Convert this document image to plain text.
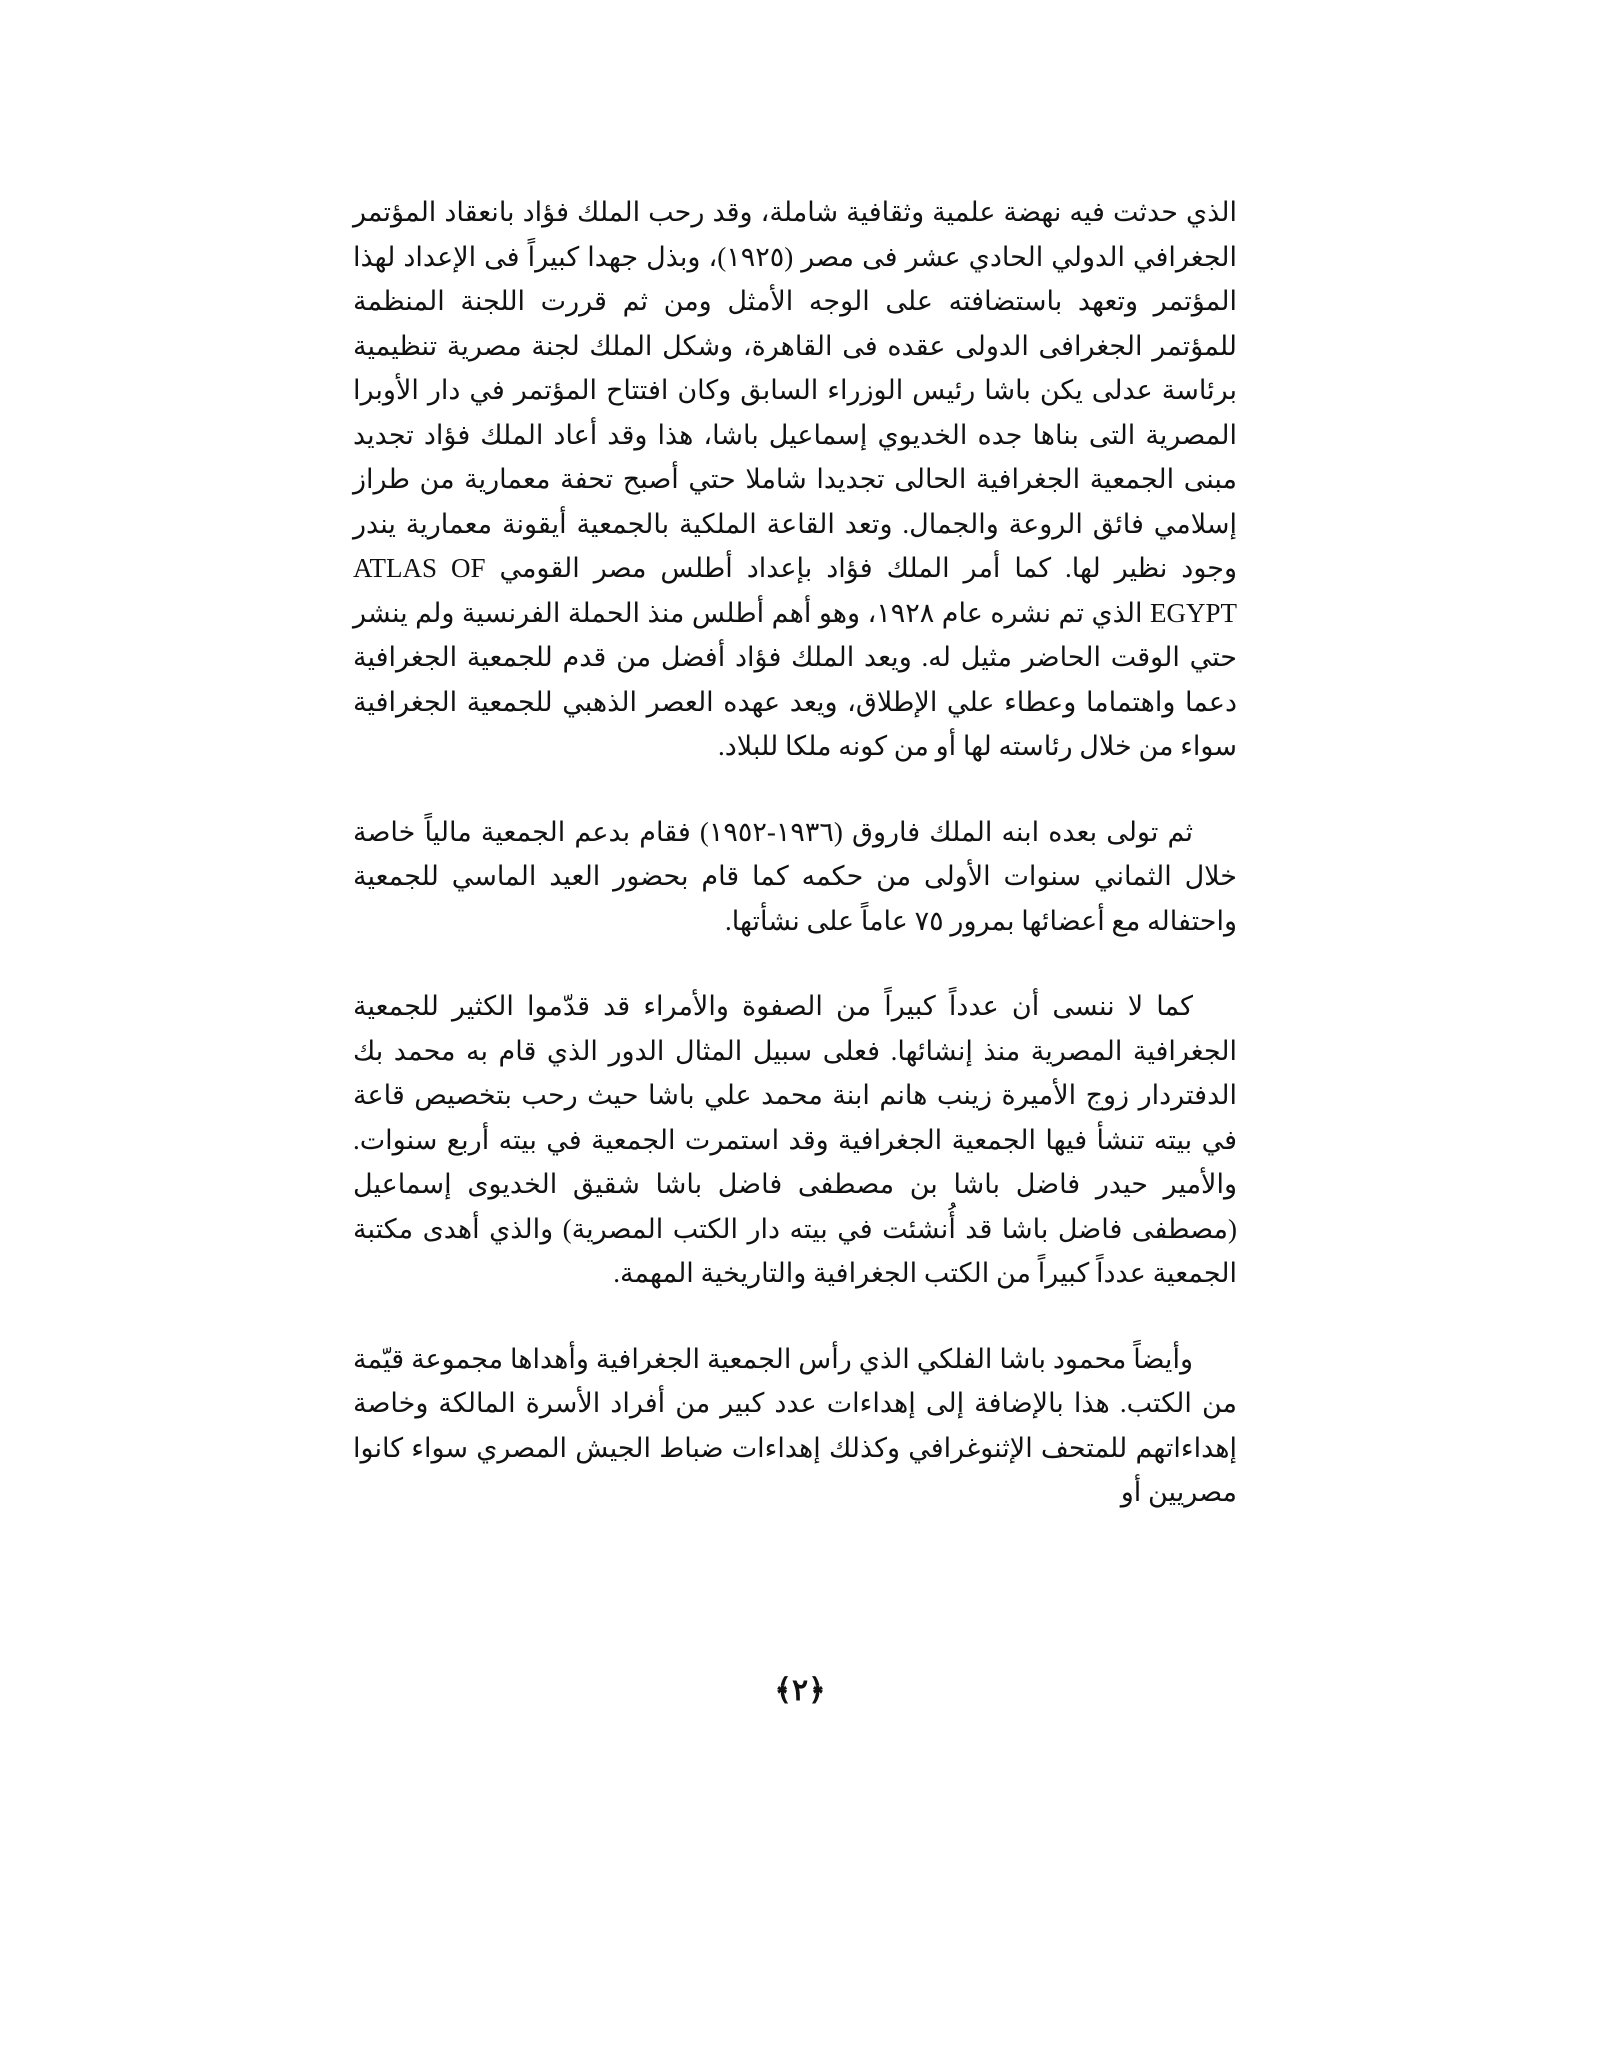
الذي حدثت فيه نهضة علمية وثقافية شاملة، وقد رحب الملك فؤاد بانعقاد المؤتمر الجغرافي الدولي الحادي عشر فى مصر (١٩٢٥)، وبذل جهدا كبيراً فى الإعداد لهذا المؤتمر وتعهد باستضافته على الوجه الأمثل ومن ثم قررت اللجنة المنظمة للمؤتمر الجغرافى الدولى عقده فى القاهرة، وشكل الملك لجنة مصرية تنظيمية برئاسة عدلى يكن باشا رئيس الوزراء السابق وكان افتتاح المؤتمر في دار الأوبرا المصرية التى بناها جده الخديوي إسماعيل باشا، هذا وقد أعاد الملك فؤاد تجديد مبنى الجمعية الجغرافية الحالى تجديدا شاملا حتي أصبح تحفة معمارية من طراز إسلامي فائق الروعة والجمال. وتعد القاعة الملكية بالجمعية أيقونة معمارية يندر وجود نظير لها. كما أمر الملك فؤاد بإعداد أطلس مصر القومي ATLAS OF EGYPT الذي تم نشره عام ١٩٢٨، وهو أهم أطلس منذ الحملة الفرنسية ولم ينشر حتي الوقت الحاضر مثيل له. ويعد الملك فؤاد أفضل من قدم للجمعية الجغرافية دعما واهتماما وعطاء علي الإطلاق، ويعد عهده العصر الذهبي للجمعية الجغرافية سواء من خلال رئاسته لها أو من كونه ملكا للبلاد.

ثم تولى بعده ابنه الملك فاروق (١٩٣٦-١٩٥٢) فقام بدعم الجمعية مالياً خاصة خلال الثماني سنوات الأولى من حكمه كما قام بحضور العيد الماسي للجمعية واحتفاله مع أعضائها بمرور ٧٥ عاماً على نشأتها.

كما لا ننسى أن عدداً كبيراً من الصفوة والأمراء قد قدّموا الكثير للجمعية الجغرافية المصرية منذ إنشائها. فعلى سبيل المثال الدور الذي قام به محمد بك الدفتردار زوج الأميرة زينب هانم ابنة محمد علي باشا حيث رحب بتخصيص قاعة في بيته تنشأ فيها الجمعية الجغرافية وقد استمرت الجمعية في بيته أربع سنوات. والأمير حيدر فاضل باشا بن مصطفى فاضل باشا شقيق الخديوى إسماعيل (مصطفى فاضل باشا قد أُنشئت في بيته دار الكتب المصرية) والذي أهدى مكتبة الجمعية عدداً كبيراً من الكتب الجغرافية والتاريخية المهمة.

وأيضاً محمود باشا الفلكي الذي رأس الجمعية الجغرافية وأهداها مجموعة قيّمة من الكتب. هذا بالإضافة إلى إهداءات عدد كبير من أفراد الأسرة المالكة وخاصة إهداءاتهم للمتحف الإثنوغرافي وكذلك إهداءات ضباط الجيش المصري سواء كانوا مصريين أو

﴿٢﴾
